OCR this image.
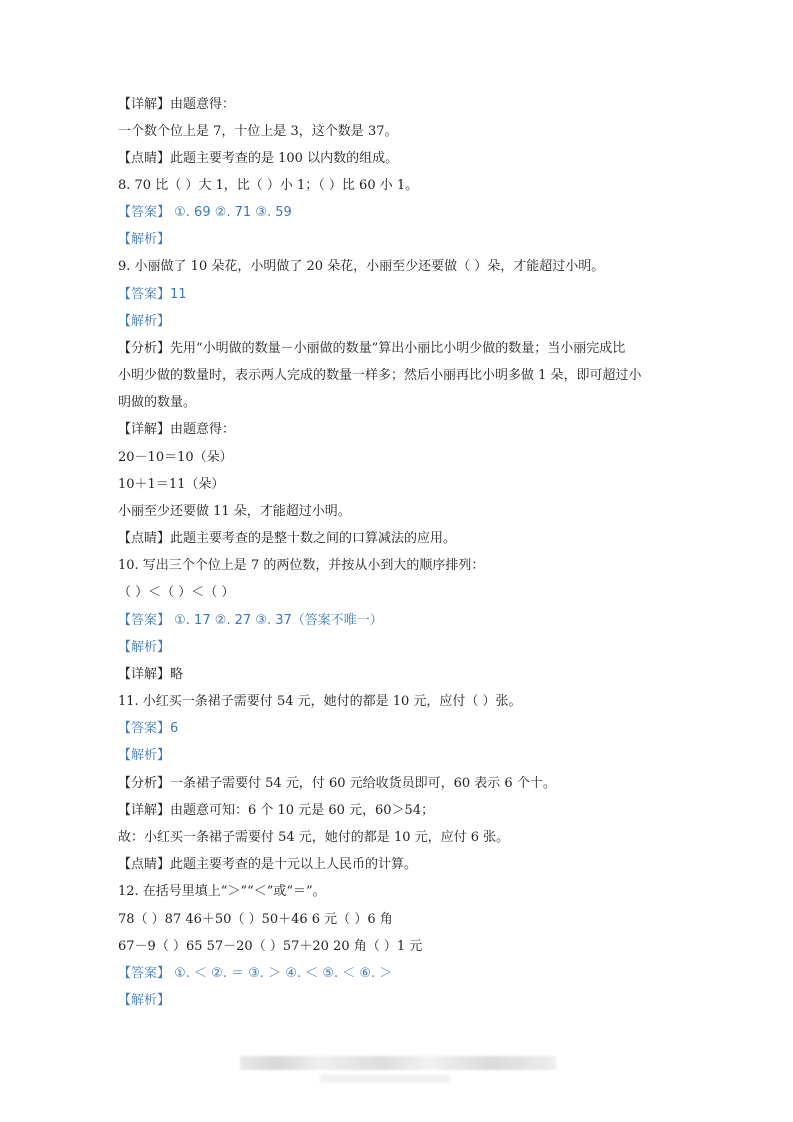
【详解】由题意得：
一个数个位上是 7，十位上是 3，这个数是 37。
【点睛】此题主要考查的是 100 以内数的组成。
8. 70 比（ ）大 1，比（ ）小 1；（ ）比 60 小 1。
【答案】 ①. 69 ②. 71 ③. 59
【解析】
9. 小丽做了 10 朵花，小明做了 20 朵花，小丽至少还要做（ ）朵，才能超过小明。
【答案】11
【解析】
【分析】先用“小明做的数量－小丽做的数量”算出小丽比小明少做的数量；当小丽完成比
小明少做的数量时，表示两人完成的数量一样多；然后小丽再比小明多做 1 朵，即可超过小
明做的数量。
【详解】由题意得：
20－10＝10（朵）
10＋1＝11（朵）
小丽至少还要做 11 朵，才能超过小明。
【点睛】此题主要考查的是整十数之间的口算减法的应用。
10. 写出三个个位上是 7 的两位数，并按从小到大的顺序排列：
（ ）＜（ ）＜（ ）
【答案】 ①. 17 ②. 27 ③. 37（答案不唯一）
【解析】
【详解】略
11. 小红买一条裙子需要付 54 元，她付的都是 10 元，应付（ ）张。
【答案】6
【解析】
【分析】一条裙子需要付 54 元，付 60 元给收货员即可，60 表示 6 个十。
【详解】由题意可知：6 个 10 元是 60 元，60＞54；
故：小红买一条裙子需要付 54 元，她付的都是 10 元，应付 6 张。
【点睛】此题主要考查的是十元以上人民币的计算。
12. 在括号里填上“＞”“＜”或“＝”。
78（ ）87 46＋50（ ）50＋46 6 元（ ）6 角
67－9（ ）65 57－20（ ）57＋20 20 角（ ）1 元
【答案】 ①. ＜ ②. ＝ ③. ＞ ④. ＜ ⑤. ＜ ⑥. ＞
【解析】
